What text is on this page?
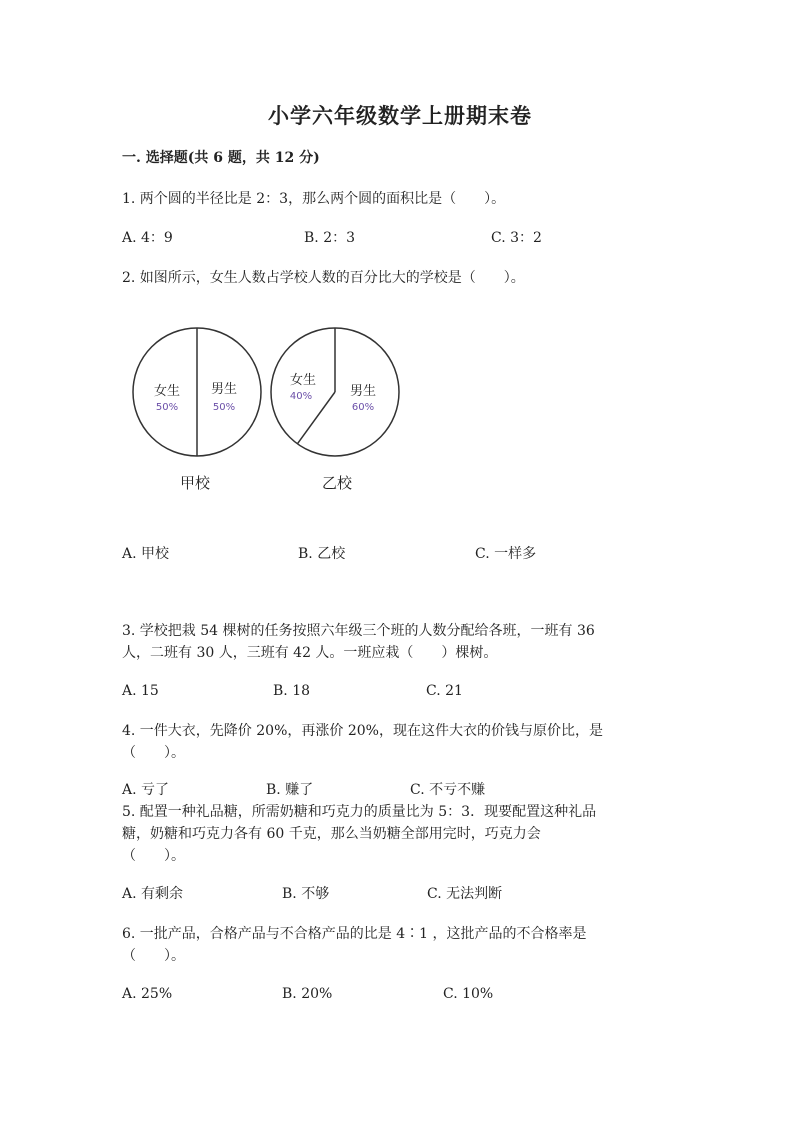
小学六年级数学上册期末卷
一. 选择题(共 6 题，共 12 分)
1. 两个圆的半径比是 2：3，那么两个圆的面积比是（　　）。
A. 4：9	B. 2：3	C. 3：2
2. 如图所示，女生人数占学校人数的百分比大的学校是（　　）。
女生
50%
男生
50%
甲校
女生
40%	男生
60%
乙校
A. 甲校	B. 乙校	C. 一样多
3. 学校把栽 54 棵树的任务按照六年级三个班的人数分配给各班，一班有 36
人，二班有 30 人，三班有 42 人。一班应栽（　　）棵树。
A. 15	B. 18	C. 21
4. 一件大衣，先降价 20%，再涨价 20%，现在这件大衣的价钱与原价比，是
（　　）。
A. 亏了	B. 赚了	C. 不亏不赚
5. 配置一种礼品糖，所需奶糖和巧克力的质量比为 5：3．现要配置这种礼品
糖，奶糖和巧克力各有 60 千克，那么当奶糖全部用完时，巧克力会
（　　）。
A. 有剩余	B. 不够	C. 无法判断
6. 一批产品，合格产品与不合格产品的比是 4∶1 ，这批产品的不合格率是
（　　）。
A. 25%	B. 20%	C. 10%
